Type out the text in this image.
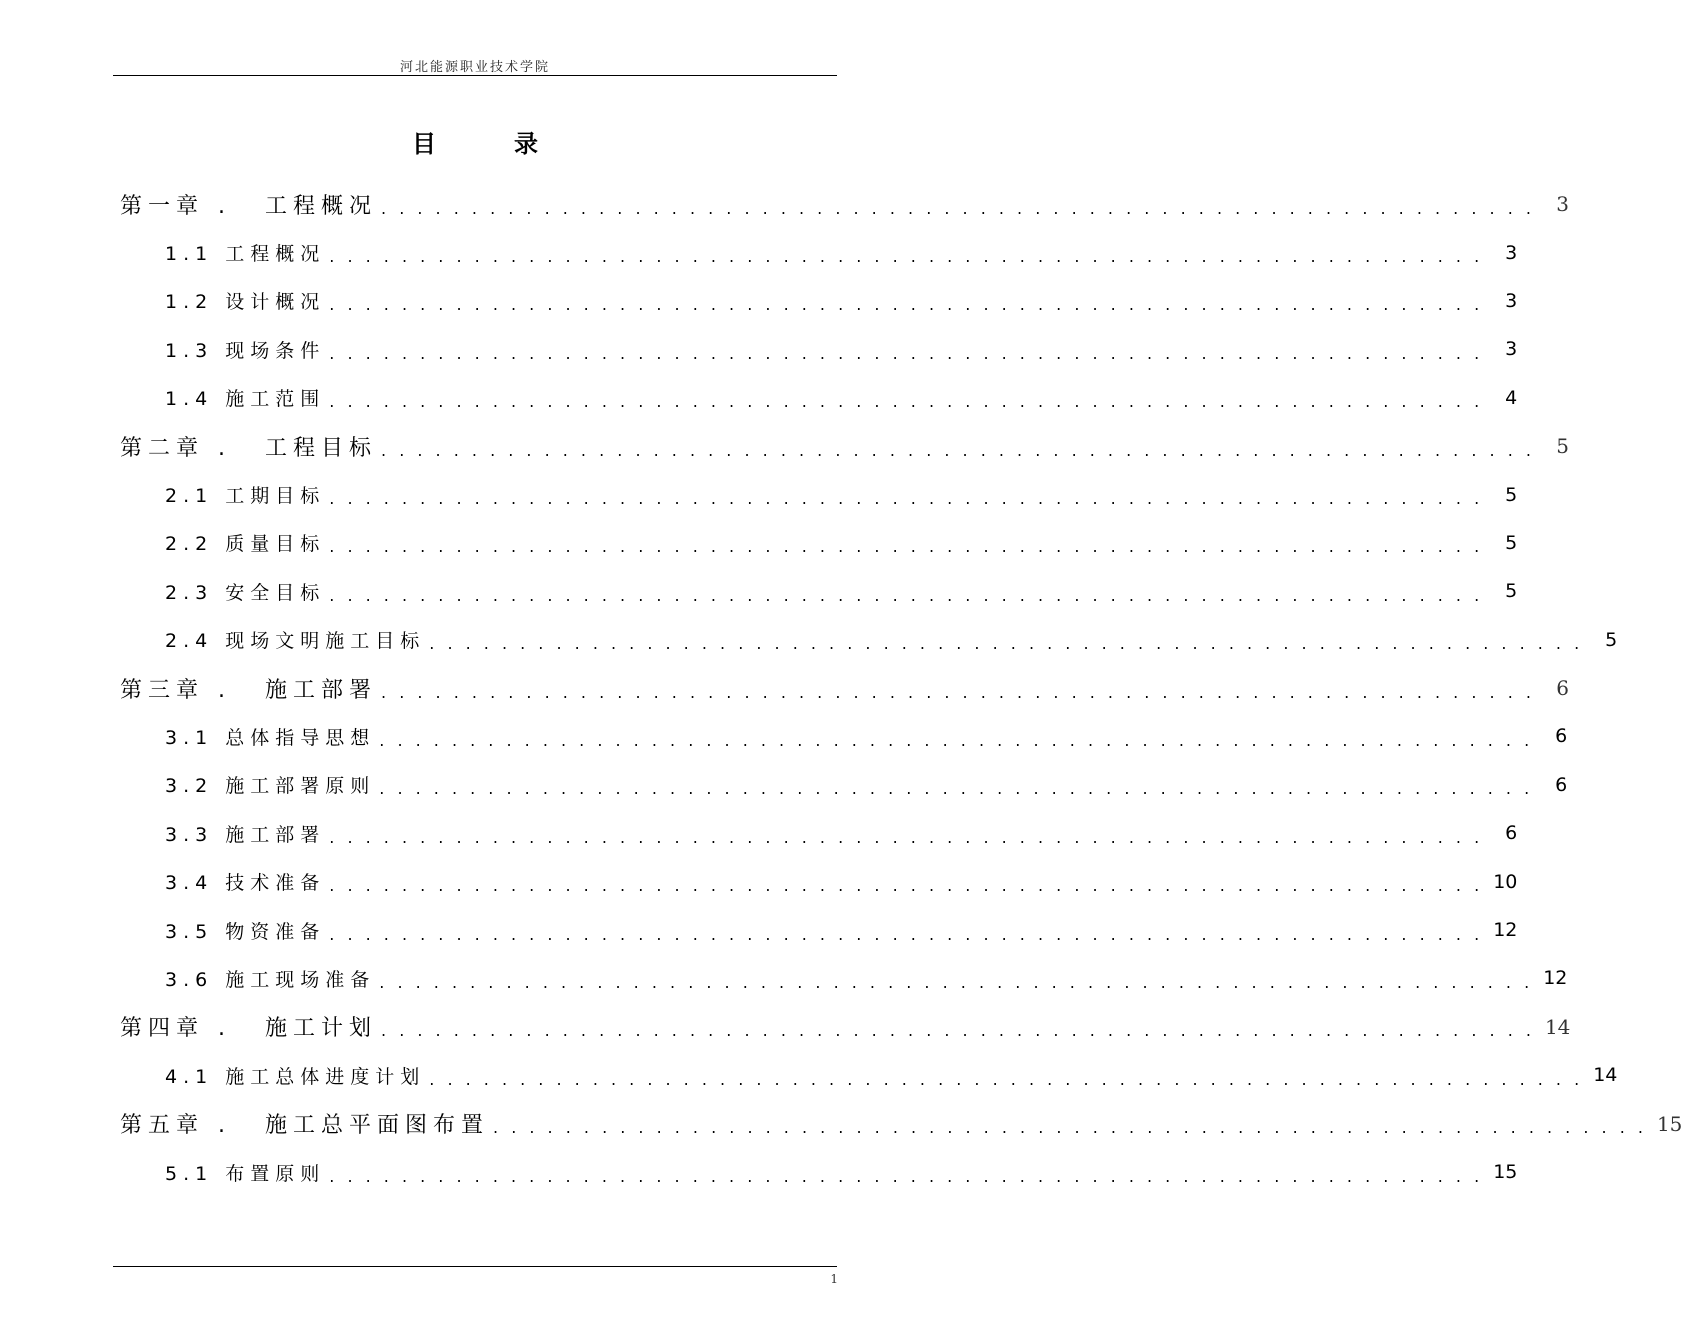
河北能源职业技术学院
目	录
第一章 . 工程概况 . . . . . . . . . . . . . . . . . . . . . . . . . . . . . . . . . . . . . . . . . . . . . . . . . . . . . . . . . . . . . . . .	3
1.1 工程概况 . . . . . . . . . . . . . . . . . . . . . . . . . . . . . . . . . . . . . . . . . . . . . . . . . . . . . . . . . . . . . . . .	3
1.2 设计概况 . . . . . . . . . . . . . . . . . . . . . . . . . . . . . . . . . . . . . . . . . . . . . . . . . . . . . . . . . . . . . . . .	3
1.3 现场条件 . . . . . . . . . . . . . . . . . . . . . . . . . . . . . . . . . . . . . . . . . . . . . . . . . . . . . . . . . . . . . . . .	3
1.4 施工范围 . . . . . . . . . . . . . . . . . . . . . . . . . . . . . . . . . . . . . . . . . . . . . . . . . . . . . . . . . . . . . . . .	4
第二章 . 工程目标 . . . . . . . . . . . . . . . . . . . . . . . . . . . . . . . . . . . . . . . . . . . . . . . . . . . . . . . . . . . . . . . .	5
2.1 工期目标 . . . . . . . . . . . . . . . . . . . . . . . . . . . . . . . . . . . . . . . . . . . . . . . . . . . . . . . . . . . . . . . .	5
2.2 质量目标 . . . . . . . . . . . . . . . . . . . . . . . . . . . . . . . . . . . . . . . . . . . . . . . . . . . . . . . . . . . . . . . .	5
2.3 安全目标 . . . . . . . . . . . . . . . . . . . . . . . . . . . . . . . . . . . . . . . . . . . . . . . . . . . . . . . . . . . . . . . .	5
2.4 现场文明施工目标 . . . . . . . . . . . . . . . . . . . . . . . . . . . . . . . . . . . . . . . . . . . . . . . . . . . . . . . . . . . . . . . .	5
第三章 . 施工部署 . . . . . . . . . . . . . . . . . . . . . . . . . . . . . . . . . . . . . . . . . . . . . . . . . . . . . . . . . . . . . . . .	6
3.1 总体指导思想 . . . . . . . . . . . . . . . . . . . . . . . . . . . . . . . . . . . . . . . . . . . . . . . . . . . . . . . . . . . . . . . .	6
3.2 施工部署原则 . . . . . . . . . . . . . . . . . . . . . . . . . . . . . . . . . . . . . . . . . . . . . . . . . . . . . . . . . . . . . . . .	6
3.3 施工部署 . . . . . . . . . . . . . . . . . . . . . . . . . . . . . . . . . . . . . . . . . . . . . . . . . . . . . . . . . . . . . . . .	6
3.4 技术准备 . . . . . . . . . . . . . . . . . . . . . . . . . . . . . . . . . . . . . . . . . . . . . . . . . . . . . . . . . . . . . . . . 10
3.5 物资准备 . . . . . . . . . . . . . . . . . . . . . . . . . . . . . . . . . . . . . . . . . . . . . . . . . . . . . . . . . . . . . . . . 12
3.6 施工现场准备 . . . . . . . . . . . . . . . . . . . . . . . . . . . . . . . . . . . . . . . . . . . . . . . . . . . . . . . . . . . . . . . . 12
第四章 . 施工计划 . . . . . . . . . . . . . . . . . . . . . . . . . . . . . . . . . . . . . . . . . . . . . . . . . . . . . . . . . . . . . . . . 14
4.1 施工总体进度计划 . . . . . . . . . . . . . . . . . . . . . . . . . . . . . . . . . . . . . . . . . . . . . . . . . . . . . . . . . . . . . . . . 14
第五章 . 施工总平面图布置 . . . . . . . . . . . . . . . . . . . . . . . . . . . . . . . . . . . . . . . . . . . . . . . . . . . . . . . . . . . . . . . . 15
5.1 布置原则 . . . . . . . . . . . . . . . . . . . . . . . . . . . . . . . . . . . . . . . . . . . . . . . . . . . . . . . . . . . . . . . . 15
1
